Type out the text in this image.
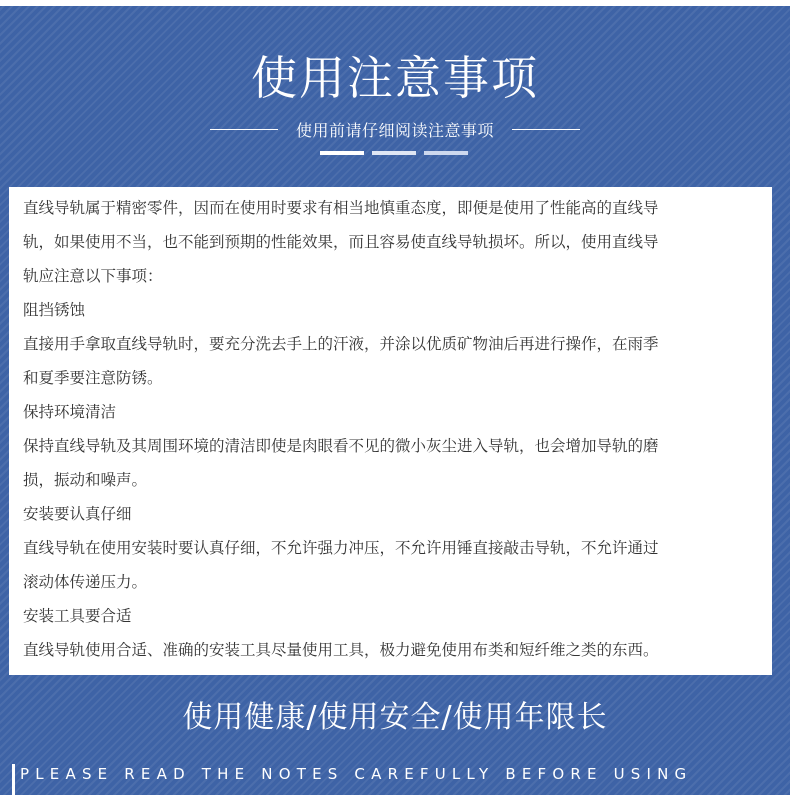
使用注意事项
使用前请仔细阅读注意事项

直线导轨属于精密零件，因而在使用时要求有相当地慎重态度，即便是使用了性能高的直线导
轨，如果使用不当，也不能到预期的性能效果，而且容易使直线导轨损坏。所以，使用直线导
轨应注意以下事项：

阻挡锈蚀

直接用手拿取直线导轨时，要充分洗去手上的汗液，并涂以优质矿物油后再进行操作，在雨季
和夏季要注意防锈。

保持环境清洁

保持直线导轨及其周围环境的清洁即使是肉眼看不见的微小灰尘进入导轨，也会增加导轨的磨
损，振动和噪声。

安装要认真仔细

直线导轨在使用安装时要认真仔细，不允许强力冲压，不允许用锤直接敲击导轨，不允许通过
滚动体传递压力。

安装工具要合适

直线导轨使用合适、准确的安装工具尽量使用工具，极力避免使用布类和短纤维之类的东西。

使用健康/使用安全/使用年限长
PLEASE READ THE NOTES CAREFULLY BEFORE USING
